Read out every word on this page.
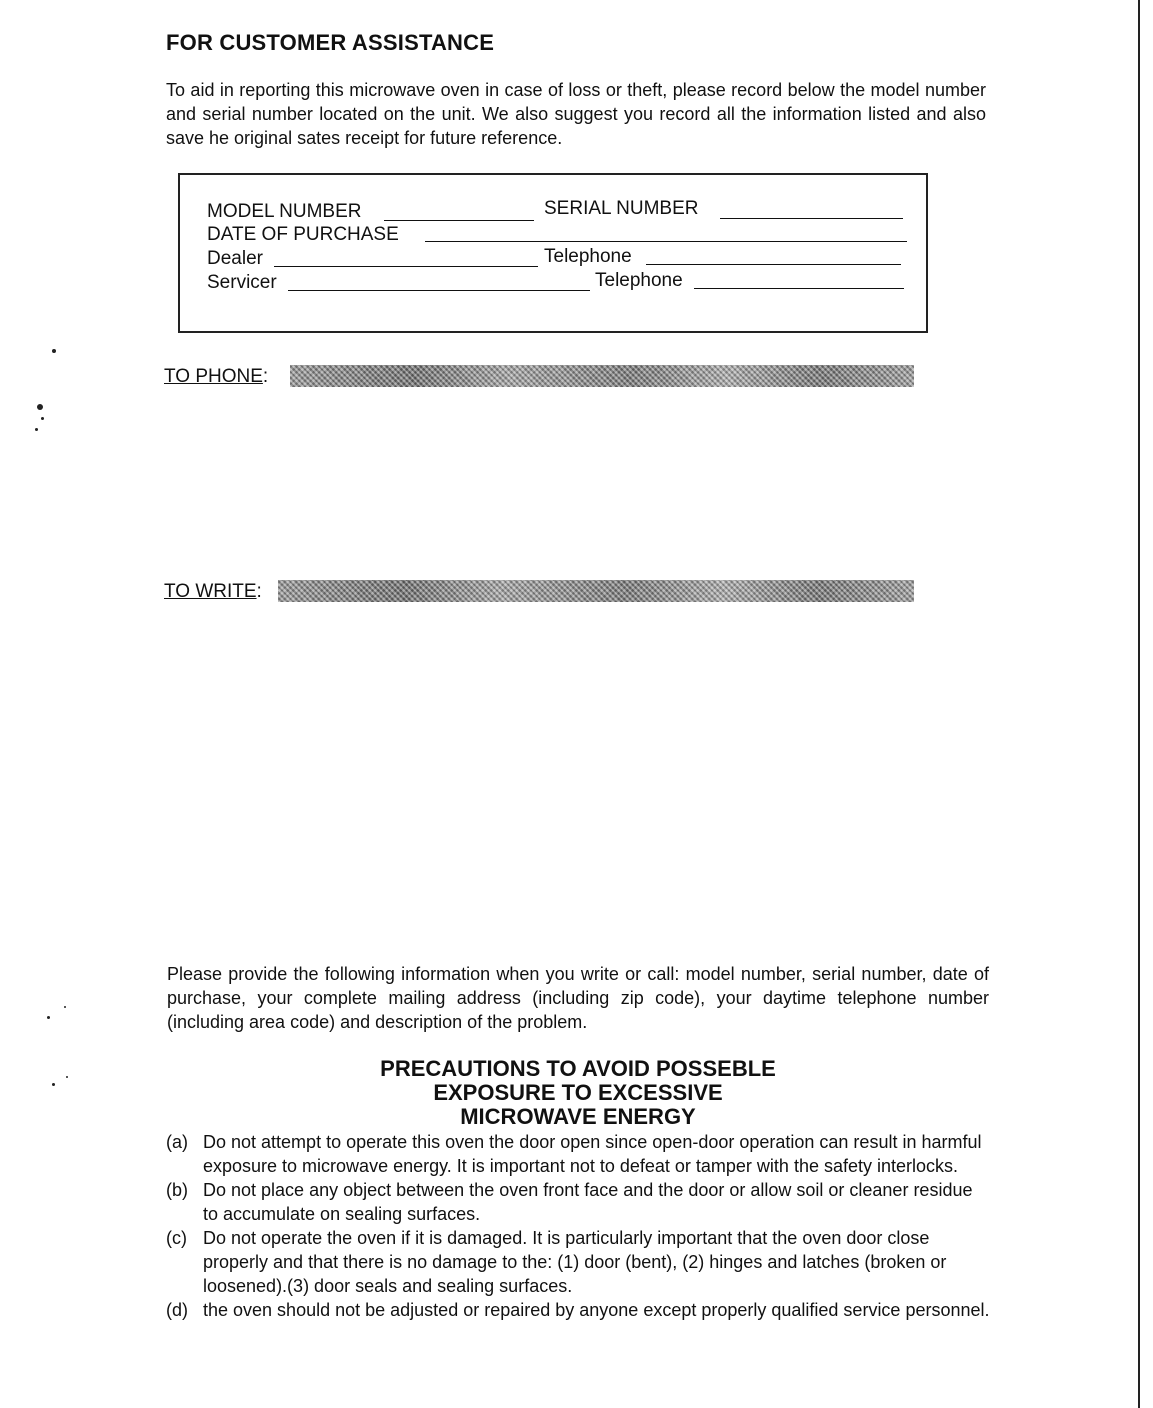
FOR CUSTOMER ASSISTANCE
To aid in reporting this microwave oven in case of loss or theft, please record below the model number and serial number located on the unit. We also suggest you record all the information listed and also save he original sates receipt for future reference.
MODEL NUMBER	SERIAL NUMBER
DATE OF PURCHASE
Dealer	Telephone
Servicer	Telephone
TO PHONE:
TO WRITE:
Please provide the following information when you write or call: model number, serial number, date of purchase, your complete mailing address (including zip code), your daytime telephone number (including area code) and description of the problem.
PRECAUTIONS TO AVOID POSSEBLE
EXPOSURE TO EXCESSIVE
MICROWAVE ENERGY
(a) Do not attempt to operate this oven the door open since open-door operation can result in harmful exposure to microwave energy. It is important not to defeat or tamper with the safety interlocks.
(b) Do not place any object between the oven front face and the door or allow soil or cleaner residue to accumulate on sealing surfaces.
(c) Do not operate the oven if it is damaged. It is particularly important that the oven door close properly and that there is no damage to the: (1) door (bent), (2) hinges and latches (broken or loosened).(3) door seals and sealing surfaces.
(d) the oven should not be adjusted or repaired by anyone except properly qualified service personnel.
